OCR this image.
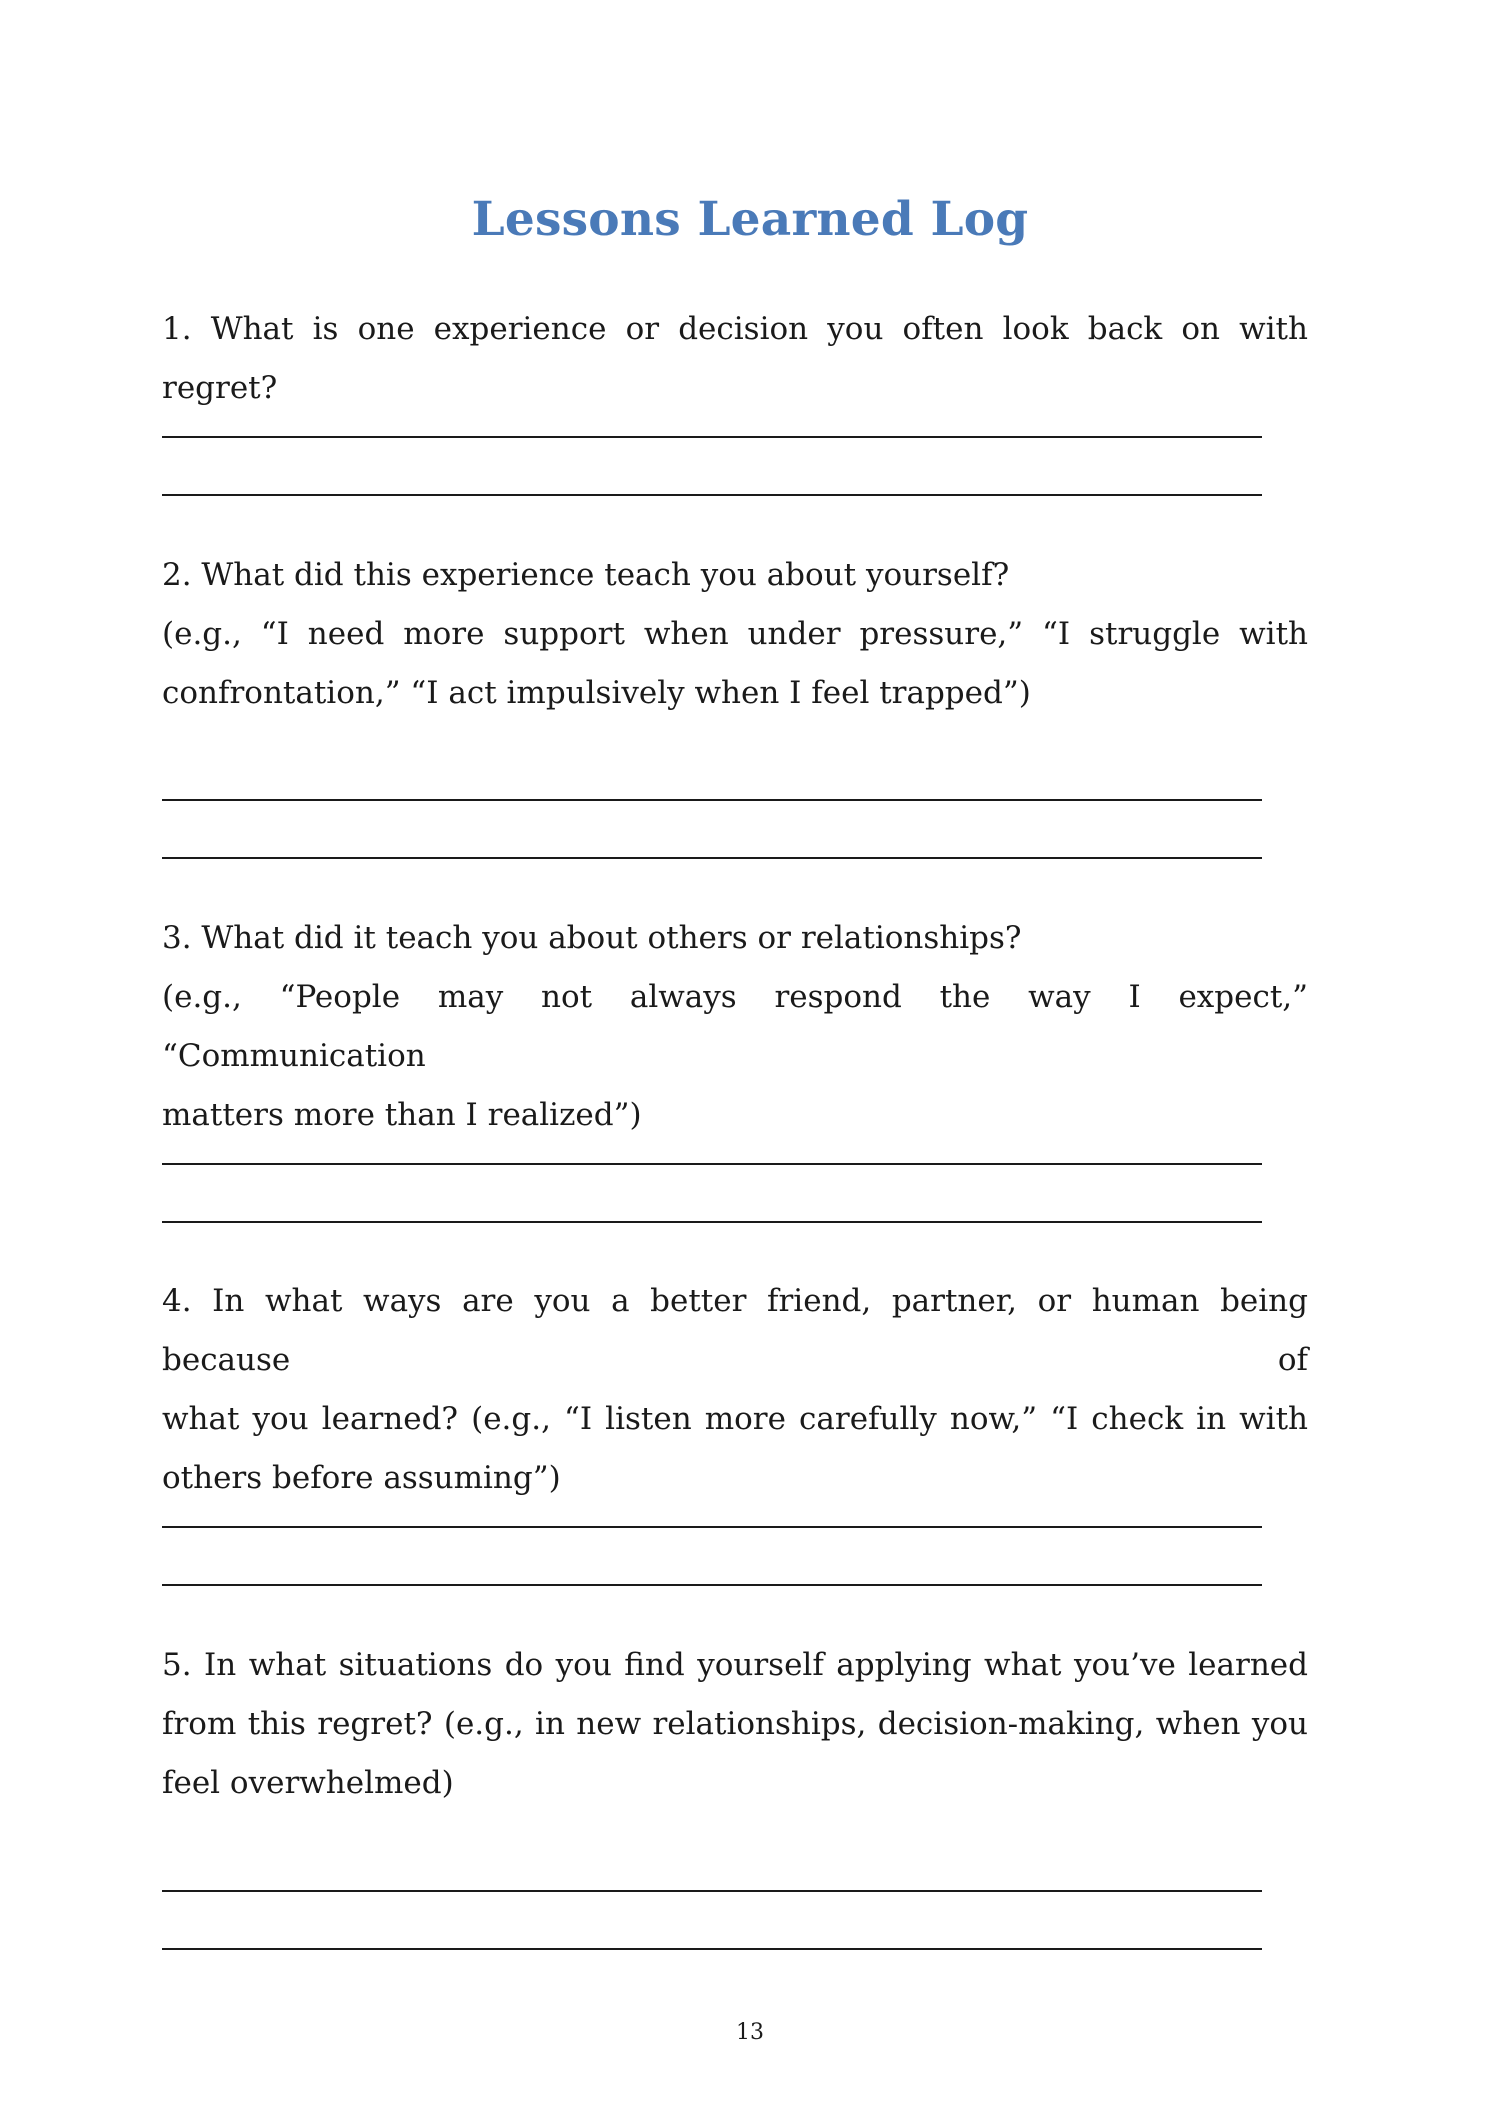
Lessons Learned Log
1. What is one experience or decision you often look back on with regret?
2. What did this experience teach you about yourself?
(e.g., “I need more support when under pressure,” “I struggle with
confrontation,” “I act impulsively when I feel trapped”)
3. What did it teach you about others or relationships?
(e.g., “People may not always respond the way I expect,” “Communication
matters more than I realized”)
4. In what ways are you a better friend, partner, or human being because of
what you learned? (e.g., “I listen more carefully now,” “I check in with
others before assuming”)
5. In what situations do you find yourself applying what you’ve learned
from this regret? (e.g., in new relationships, decision-making, when you
feel overwhelmed)
13
